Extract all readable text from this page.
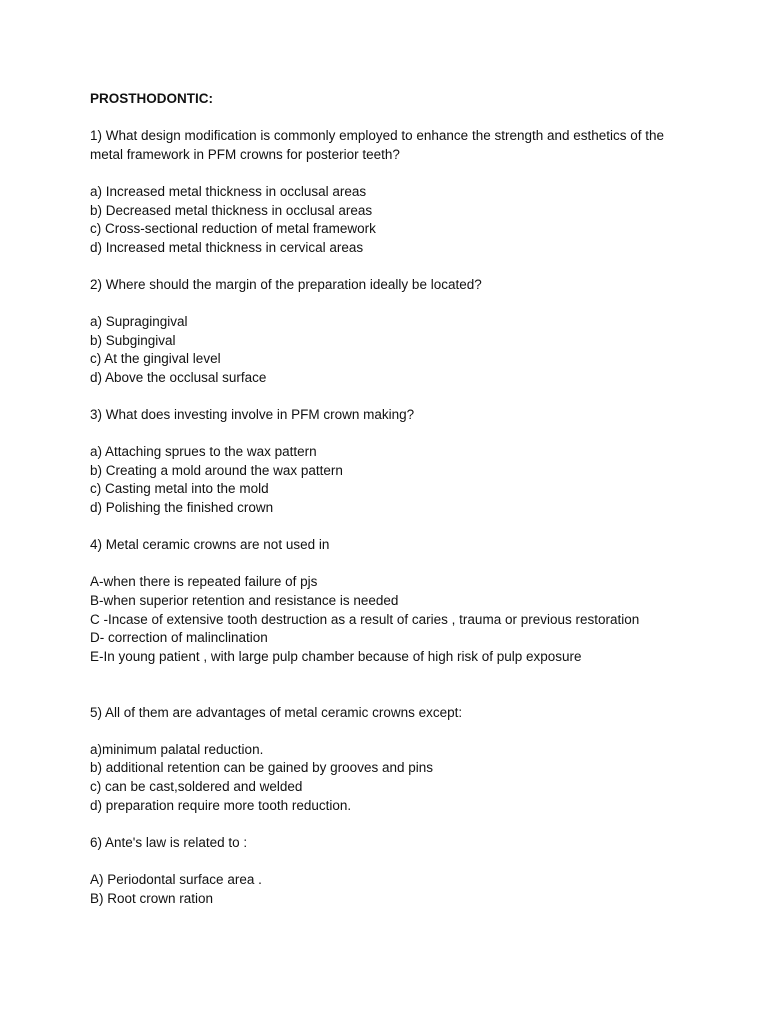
PROSTHODONTIC:
1) What design modification is commonly employed to enhance the strength and esthetics of the metal framework in PFM crowns for posterior teeth?
a) Increased metal thickness in occlusal areas
b) Decreased metal thickness in occlusal areas
c) Cross-sectional reduction of metal framework
d) Increased metal thickness in cervical areas
2) Where should the margin of the preparation ideally be located?
a) Supragingival
b) Subgingival
c) At the gingival level
d) Above the occlusal surface
3) What does investing involve in PFM crown making?
a) Attaching sprues to the wax pattern
b) Creating a mold around the wax pattern
c) Casting metal into the mold
d) Polishing the finished crown
4) Metal ceramic crowns are not used in
A-when there is repeated failure of pjs
B-when superior retention and resistance is needed
C -Incase of extensive tooth destruction as a result of caries , trauma or previous restoration
D- correction of malinclination
E-In young patient , with large pulp chamber because of high risk of pulp exposure
5) All of them are advantages of metal ceramic crowns except:
a)minimum palatal reduction.
b) additional retention can be gained by grooves and pins
c) can be cast,soldered and welded
d) preparation require more tooth reduction.
6) Ante's law is related to :
A) Periodontal surface area .
B) Root crown ration
